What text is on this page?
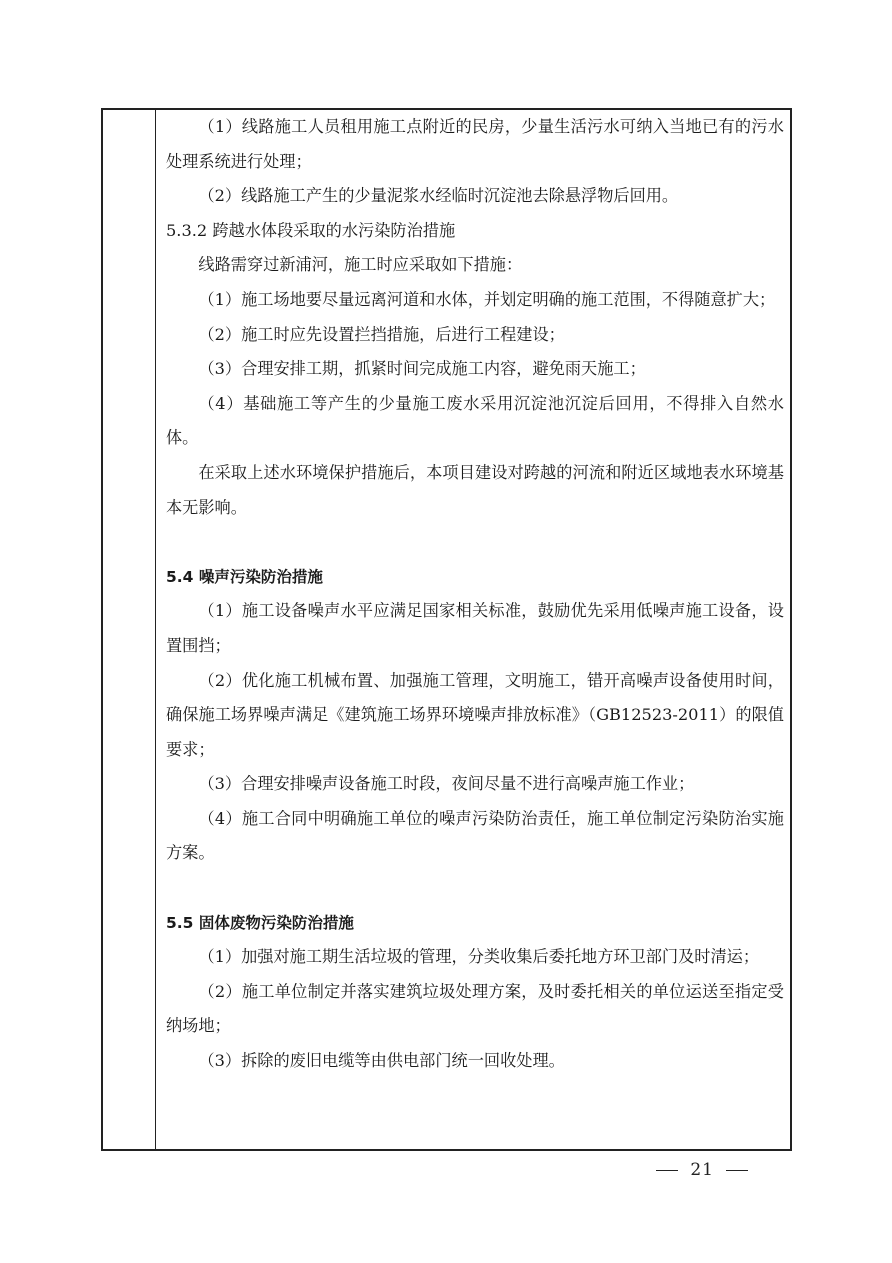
（1）线路施工人员租用施工点附近的民房，少量生活污水可纳入当地已有的污水处理系统进行处理；

（2）线路施工产生的少量泥浆水经临时沉淀池去除悬浮物后回用。

5.3.2 跨越水体段采取的水污染防治措施

线路需穿过新浦河，施工时应采取如下措施：

（1）施工场地要尽量远离河道和水体，并划定明确的施工范围，不得随意扩大；

（2）施工时应先设置拦挡措施，后进行工程建设；

（3）合理安排工期，抓紧时间完成施工内容，避免雨天施工；

（4）基础施工等产生的少量施工废水采用沉淀池沉淀后回用，不得排入自然水体。

在采取上述水环境保护措施后，本项目建设对跨越的河流和附近区域地表水环境基本无影响。

5.4 噪声污染防治措施

（1）施工设备噪声水平应满足国家相关标准，鼓励优先采用低噪声施工设备，设置围挡；

（2）优化施工机械布置、加强施工管理，文明施工，错开高噪声设备使用时间，确保施工场界噪声满足《建筑施工场界环境噪声排放标准》（GB12523-2011）的限值要求；

（3）合理安排噪声设备施工时段，夜间尽量不进行高噪声施工作业；

（4）施工合同中明确施工单位的噪声污染防治责任，施工单位制定污染防治实施方案。

5.5 固体废物污染防治措施

（1）加强对施工期生活垃圾的管理，分类收集后委托地方环卫部门及时清运；

（2）施工单位制定并落实建筑垃圾处理方案，及时委托相关的单位运送至指定受纳场地；

（3）拆除的废旧电缆等由供电部门统一回收处理。

21
